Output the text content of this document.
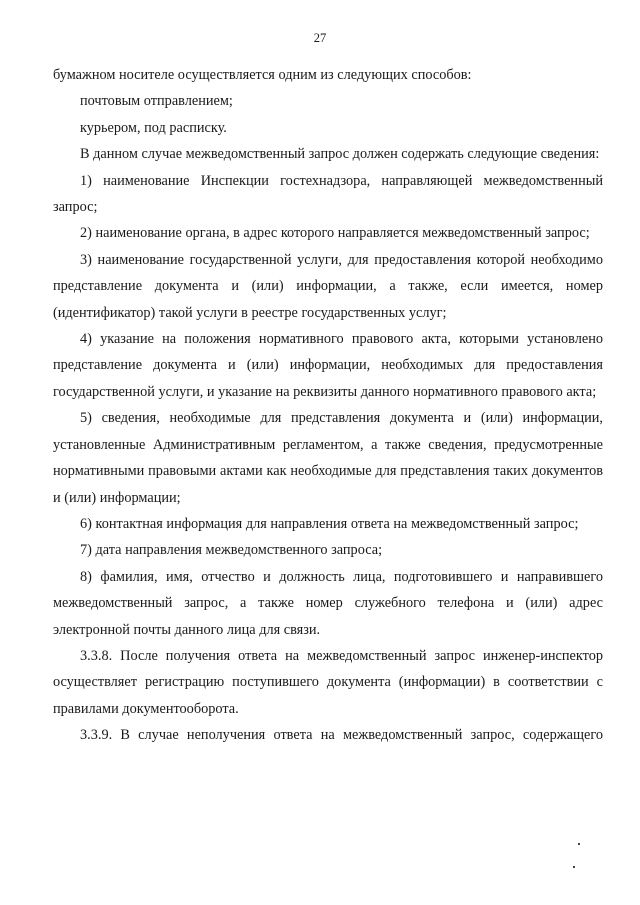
27

бумажном носителе осуществляется одним из следующих способов:

почтовым отправлением;

курьером, под расписку.

В данном случае межведомственный запрос должен содержать следующие сведения:

1) наименование Инспекции гостехнадзора, направляющей межведомственный запрос;

2) наименование органа, в адрес которого направляется межведомственный запрос;

3) наименование государственной услуги, для предоставления которой необходимо представление документа и (или) информации, а также, если имеется, номер (идентификатор) такой услуги в реестре государственных услуг;

4) указание на положения нормативного правового акта, которыми установлено представление документа и (или) информации, необходимых для предоставления государственной услуги, и указание на реквизиты данного нормативного правового акта;

5) сведения, необходимые для представления документа и (или) информации, установленные Административным регламентом, а также сведения, предусмотренные нормативными правовыми актами как необходимые для представления таких документов и (или) информации;

6) контактная информация для направления ответа на межведомственный запрос;

7) дата направления межведомственного запроса;

8) фамилия, имя, отчество и должность лица, подготовившего и направившего межведомственный запрос, а также номер служебного телефона и (или) адрес электронной почты данного лица для связи.

3.3.8. После получения ответа на межведомственный запрос инженер-инспектор осуществляет регистрацию поступившего документа (информации) в соответствии с правилами документооборота.

3.3.9. В случае неполучения ответа на межведомственный запрос, содержащего
